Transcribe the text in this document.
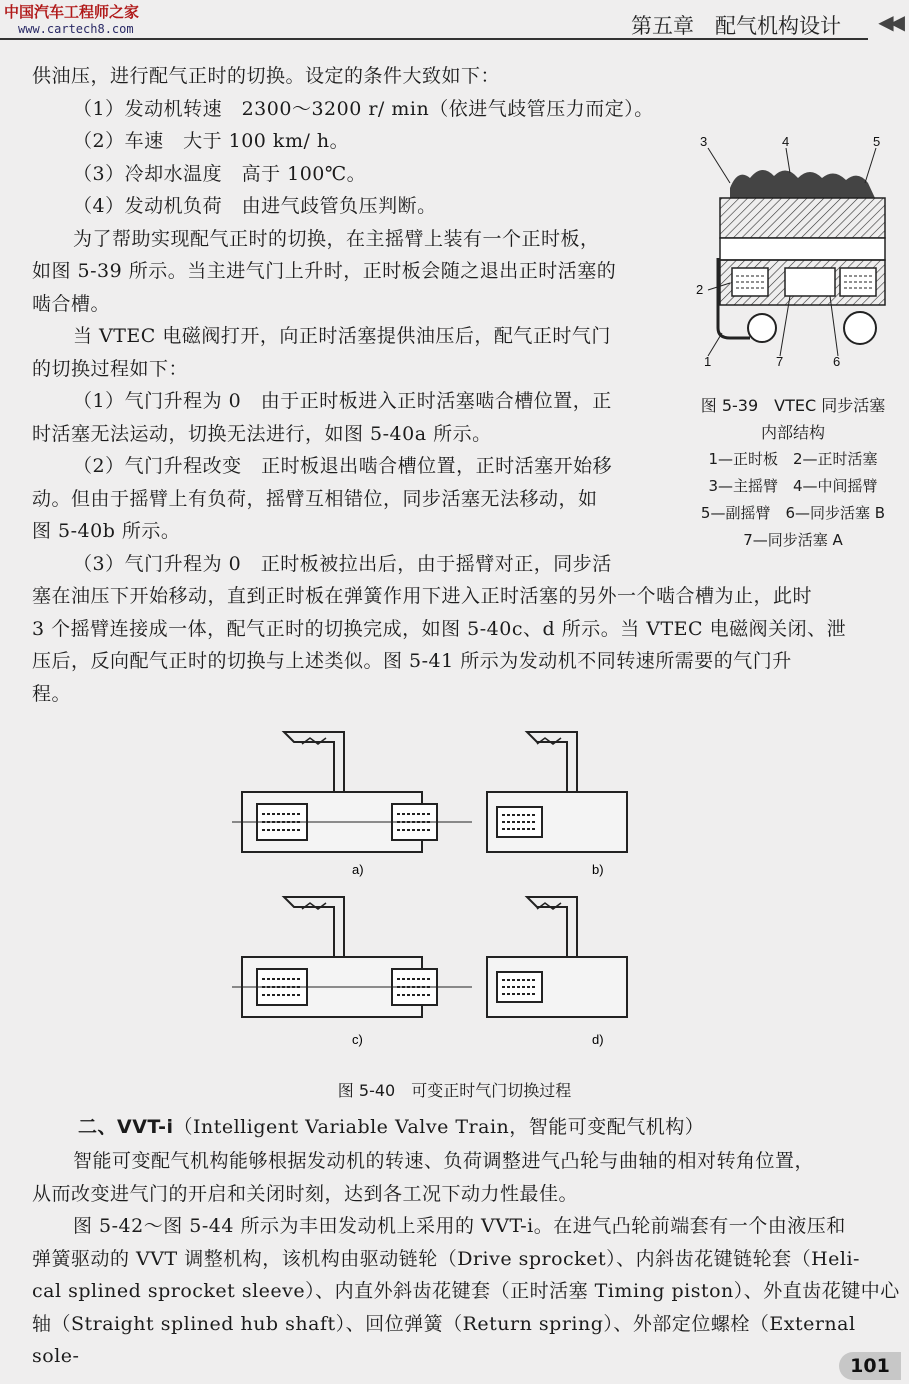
中国汽车工程师之家
www.cartech8.com	第五章　配气机构设计 ◀◀

供油压，进行配气正时的切换。设定的条件大致如下：

（1）发动机转速　2300～3200 r/ min（依进气歧管压力而定）。

（2）车速　大于 100 km/ h。

（3）冷却水温度　高于 100℃。

（4）发动机负荷　由进气歧管负压判断。

为了帮助实现配气正时的切换，在主摇臂上装有一个正时板，

如图 5-39 所示。当主进气门上升时，正时板会随之退出正时活塞的

啮合槽。

当 VTEC 电磁阀打开，向正时活塞提供油压后，配气正时气门

的切换过程如下：

（1）气门升程为 0　由于正时板进入正时活塞啮合槽位置，正

时活塞无法运动，切换无法进行，如图 5-40a 所示。

（2）气门升程改变　正时板退出啮合槽位置，正时活塞开始移

动。但由于摇臂上有负荷，摇臂互相错位，同步活塞无法移动，如

图 5-40b 所示。

（3）气门升程为 0　正时板被拉出后，由于摇臂对正，同步活

塞在油压下开始移动，直到正时板在弹簧作用下进入正时活塞的另外一个啮合槽为止，此时

3 个摇臂连接成一体，配气正时的切换完成，如图 5-40c、d 所示。当 VTEC 电磁阀关闭、泄

压后，反向配气正时的切换与上述类似。图 5-41 所示为发动机不同转速所需要的气门升

程。

3	4	5
2
1	7	6
图 5-39　VTEC 同步活塞
内部结构
1—正时板　2—正时活塞
3—主摇臂　4—中间摇臂
5—副摇臂　6—同步活塞 B
7—同步活塞 A
a)	b)
c)	d)
图 5-40　可变正时气门切换过程
二、VVT-i（Intelligent Variable Valve Train，智能可变配气机构）

智能可变配气机构能够根据发动机的转速、负荷调整进气凸轮与曲轴的相对转角位置，

从而改变进气门的开启和关闭时刻，达到各工况下动力性最佳。

图 5-42～图 5-44 所示为丰田发动机上采用的 VVT-i。在进气凸轮前端套有一个由液压和

弹簧驱动的 VVT 调整机构，该机构由驱动链轮（Drive sprocket）、内斜齿花键链轮套（Heli-

cal splined sprocket sleeve）、内直外斜齿花键套（正时活塞 Timing piston）、外直齿花键中心

轴（Straight splined hub shaft）、回位弹簧（Return spring）、外部定位螺栓（External sole-	101
